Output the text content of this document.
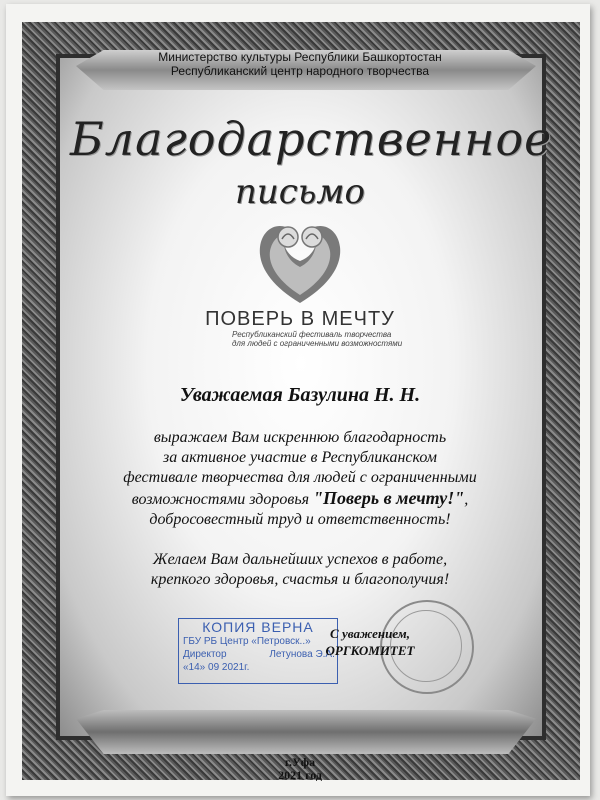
Министерство культуры Республики Башкортостан
Республиканский центр народного творчества
Благодарственное
письмо
ПОВЕРЬ В МЕЧТУ
Республиканский фестиваль творчества
для людей с ограниченными возможностями
Уважаемая Базулина Н. Н.
выражаем Вам искреннюю благодарность
за активное участие в Республиканском
фестивале творчества для людей с ограниченными
возможностями здоровья "Поверь в мечту!",
добросовестный труд и ответственность!
Желаем Вам дальнейших успехов в работе,
крепкого здоровья, счастья и благополучия!
КОПИЯ ВЕРНА
ГБУ РБ Центр «Петровск..»
Директор	Летунова Э.А.
«14» 09 2021г.
С уважением,
ОРГКОМИТЕТ
г.Уфа
2021 год
